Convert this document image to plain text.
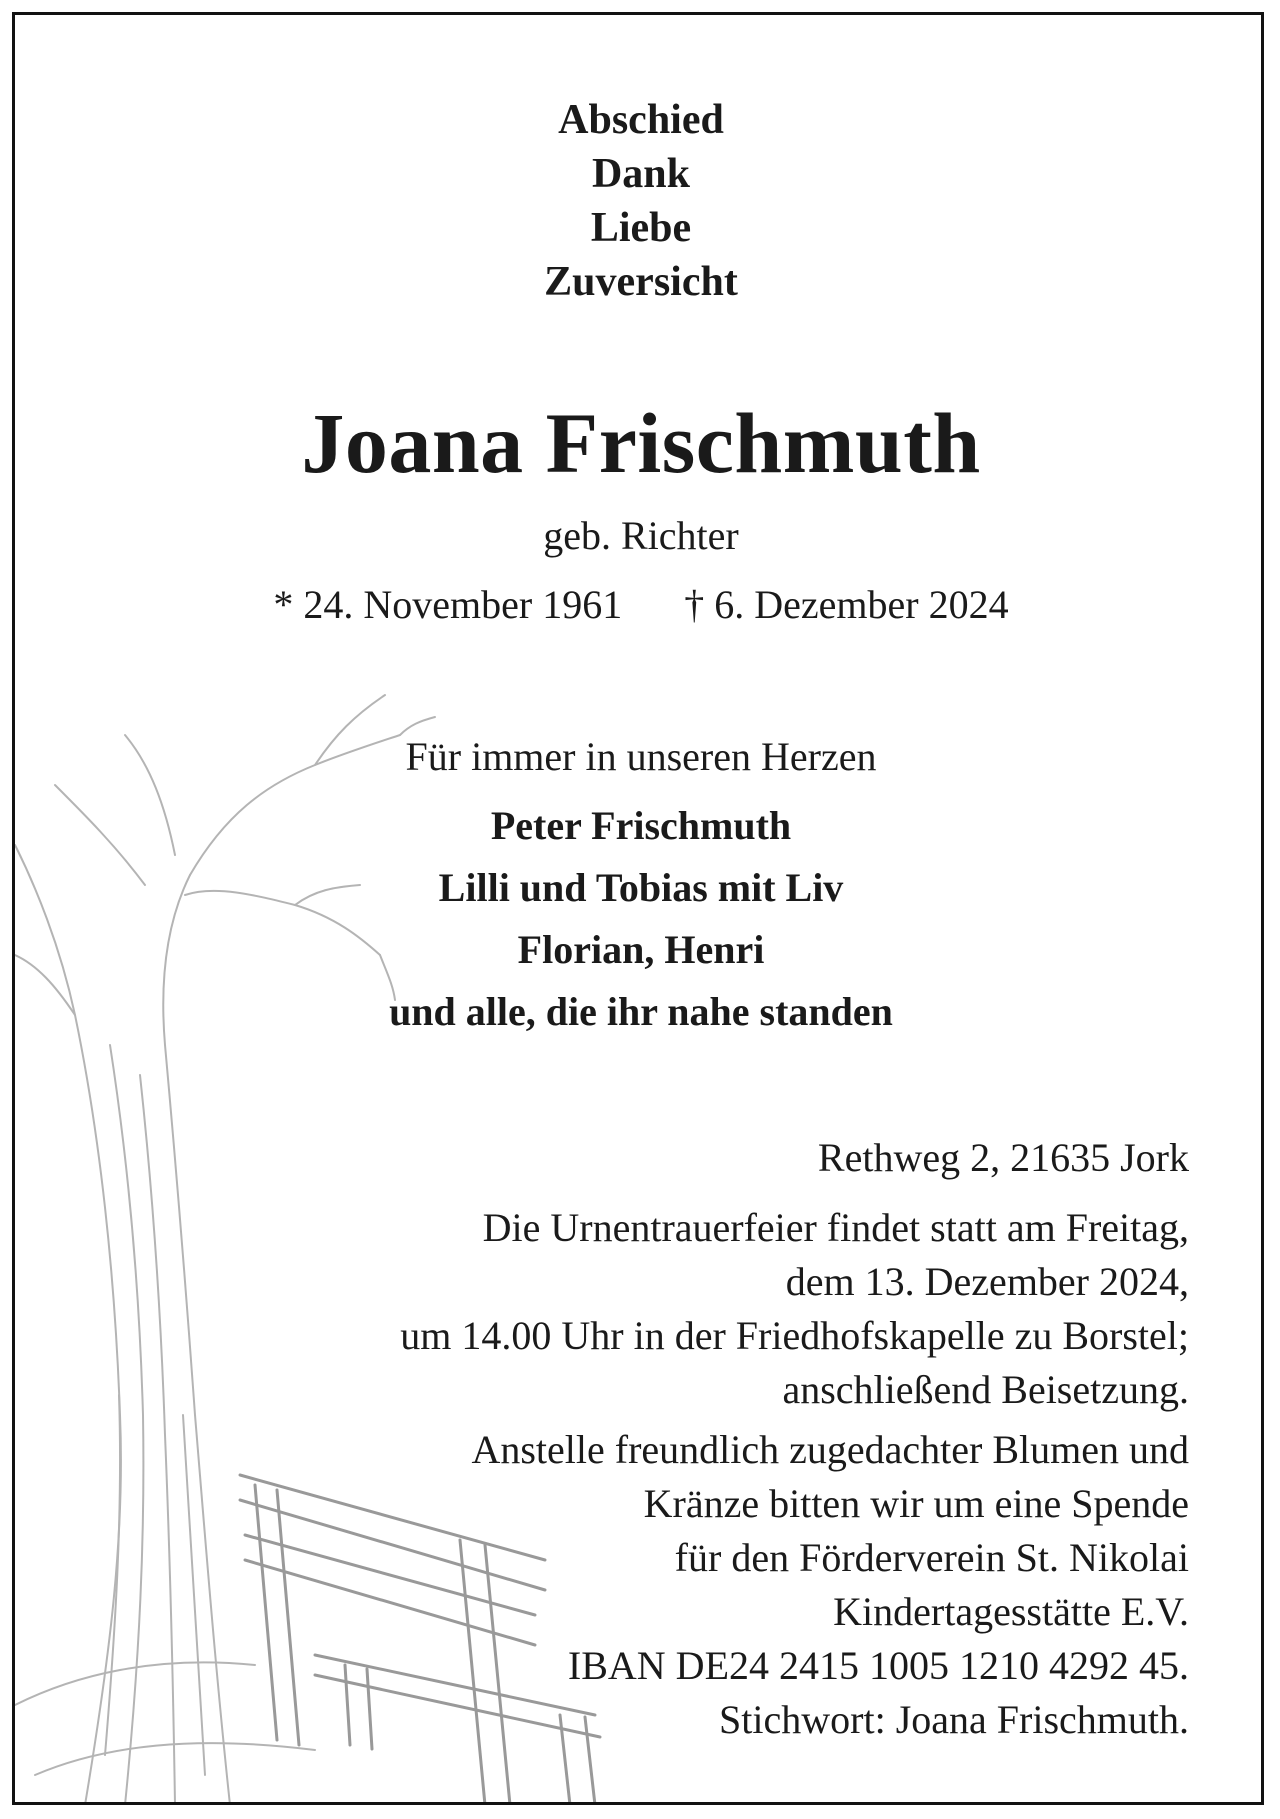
Abschied
Dank
Liebe
Zuversicht
Joana Frischmuth
geb. Richter
* 24. November 1961 † 6. Dezember 2024
Für immer in unseren Herzen
Peter Frischmuth
Lilli und Tobias mit Liv
Florian, Henri
und alle, die ihr nahe standen
Rethweg 2, 21635 Jork
Die Urnentrauerfeier findet statt am Freitag,
dem 13. Dezember 2024,
um 14.00 Uhr in der Friedhofskapelle zu Borstel;
anschließend Beisetzung.
Anstelle freundlich zugedachter Blumen und
Kränze bitten wir um eine Spende
für den Förderverein St. Nikolai
Kindertagesstätte E.V.
IBAN DE24 2415 1005 1210 4292 45.
Stichwort: Joana Frischmuth.
